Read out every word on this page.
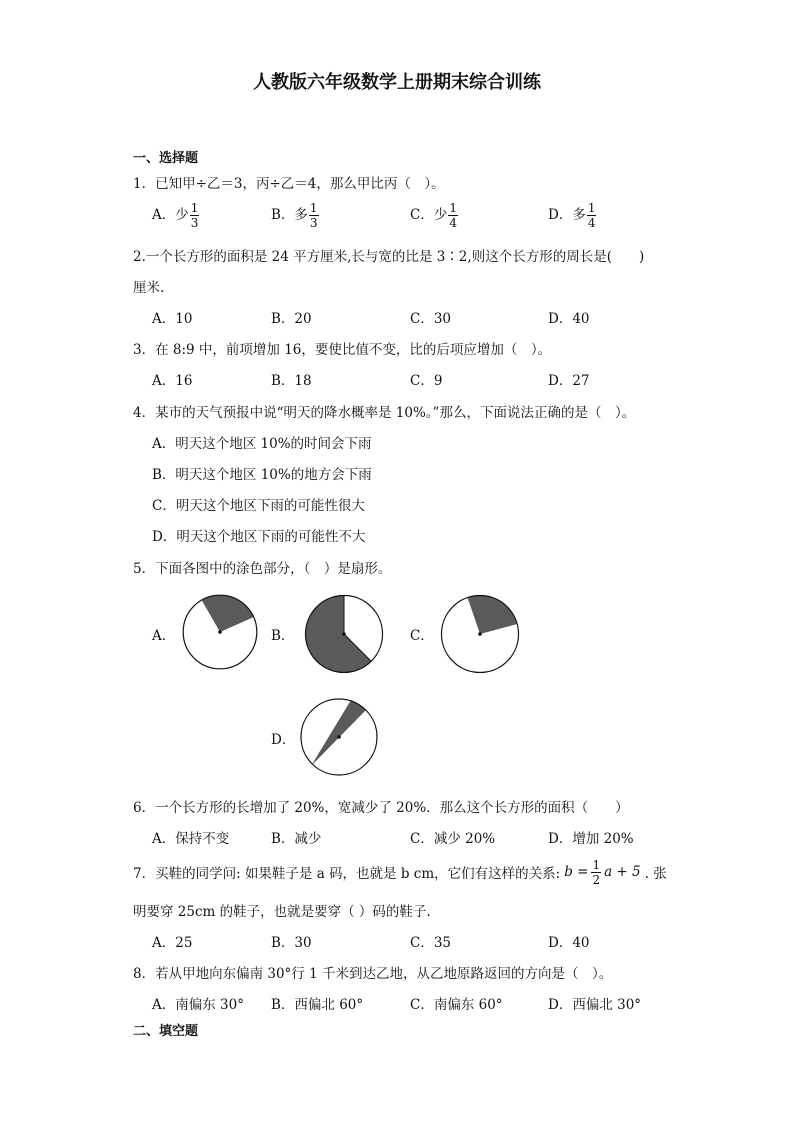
人教版六年级数学上册期末综合训练
一、选择题
1．已知甲÷乙＝3，丙÷乙＝4，那么甲比丙（　）。
A．少 $\frac{1}{3}$	B．多 $\frac{1}{3}$	C．少 $\frac{1}{4}$	D．多 $\frac{1}{4}$
2.一个长方形的面积是 24 平方厘米,长与宽的比是 3∶2,则这个长方形的周长是(　　)
厘米.
A．10	B．20	C．30	D．40
3．在 8:9 中，前项增加 16，要使比值不变，比的后项应增加（　）。
A．16	B．18	C．9	D．27
4．某市的天气预报中说“明天的降水概率是 10%。”那么，下面说法正确的是（　）。
A．明天这个地区 10%的时间会下雨
B．明天这个地区 10%的地方会下雨
C．明天这个地区下雨的可能性很大
D．明天这个地区下雨的可能性不大
5．下面各图中的涂色部分，（　）是扇形。
A．	B．	C．
D．
6．一个长方形的长增加了 20%，宽减少了 20%．那么这个长方形的面积（　　）
A．保持不变	B．减少	C．减少 20%	D．增加 20%
7．买鞋的同学问: 如果鞋子是 a 码，也就是 b cm，它们有这样的关系: $b = \frac{1}{2}$ a + 5 . 张
明要穿 25cm 的鞋子，也就是要穿（ ）码的鞋子.
A．25	B．30	C．35	D．40
8．若从甲地向东偏南 30°行 1 千米到达乙地，从乙地原路返回的方向是（　）。
A．南偏东 30° B．西偏北 60°	C．南偏东 60°	D．西偏北 30°
二、填空题
